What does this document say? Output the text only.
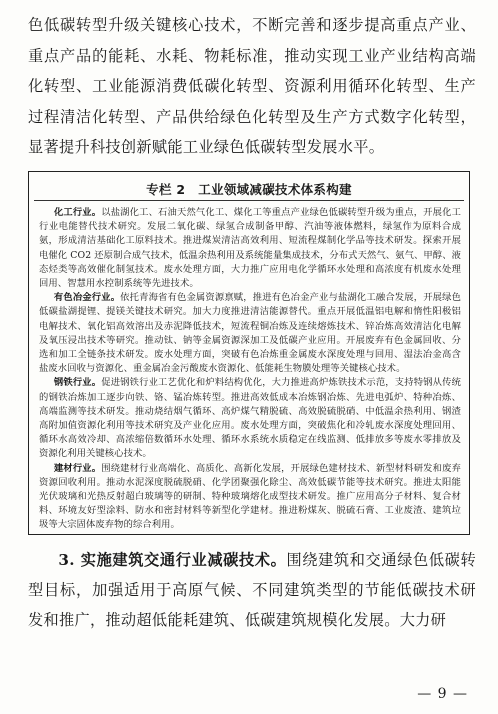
色低碳转型升级关键核心技术，不断完善和逐步提高重点产业、重点产品的能耗、水耗、物耗标准，推动实现工业产业结构高端化转型、工业能源消费低碳化转型、资源利用循环化转型、生产过程清洁化转型、产品供给绿色化转型及生产方式数字化转型，显著提升科技创新赋能工业绿色低碳转型发展水平。

专栏 2　工业领域减碳技术体系构建

化工行业。以盐湖化工、石油天然气化工、煤化工等重点产业绿色低碳转型升级为重点，开展化工行业电能替代技术研究。发展二氧化碳、绿氢合成制备甲醇、汽油等液体燃料，绿氢作为原料合成氨，形成清洁基础化工原料技术。推进煤炭清洁高效利用、短流程煤制化学品等技术研发。探索开展电催化 CO2 还原制合成气技术，低温余热利用及系统能量集成技术，分布式天然气、氨气、甲醇、液态烃类等高效催化制氢技术。废水处理方面，大力推广应用电化学循环水处理和高浓度有机废水处理回用、智慧用水控制系统等先进技术。

有色冶金行业。依托青海省有色金属资源禀赋，推进有色冶金产业与盐湖化工融合发展，开展绿色低碳盐湖提锂、提镁关键技术研究。加大力度推进清洁能源替代。重点开展低温铝电解和惰性阳极铝电解技术、氧化铝高效溶出及赤泥降低技术，短流程铜冶炼及连续熔炼技术、锌冶炼高效清洁化电解及氧压浸出技术等研究。推动钛、钠等金属资源深加工及低碳产业应用。开展废弃有色金属回收、分选和加工全链条技术研发。废水处理方面，突破有色冶炼重金属废水深度处理与回用、湿法冶金高含盐废水回收与资源化、重金属冶金污酸废水资源化、低能耗生物膜处理等关键核心技术。

钢铁行业。促进钢铁行业工艺优化和炉料结构优化，大力推进高炉炼铁技术示范，支持特钢从传统的钢铁冶炼加工逐步向铁、铬、锰冶炼转型。推进高效低成本冶炼钢冶炼、先进电弧炉、特种冶炼、高端监测等技术研发。推动烧结烟气循环、高炉煤气精脱硫、高效脱硫脱硝、中低温余热利用、钢渣高附加值资源化利用等技术研究及产业化应用。废水处理方面，突破焦化和冷轧废水深度处理回用、循环水高效冷却、高浓缩倍数循环水处理、循环水系统水质稳定在线监测、低排放多等废水零排放及资源化利用关键核心技术。

建材行业。围绕建材行业高端化、高质化、高新化发展，开展绿色建材技术、新型材料研发和废弃资源回收利用。推动水泥深度脱硫脱硝、化学团聚强化除尘、高效低碳节能等技术研究。推进太阳能光伏玻璃和光热反射超白玻璃等的研制、特种玻璃熔化成型技术研发。推广应用高分子材料、复合材料、环境友好型涂料、防水和密封材料等新型化学建材。推进粉煤灰、脱硫石膏、工业废渣、建筑垃圾等大宗固体废弃物的综合利用。

3. 实施建筑交通行业减碳技术。围绕建筑和交通绿色低碳转型目标，加强适用于高原气候、不同建筑类型的节能低碳技术研发和推广，推动超低能耗建筑、低碳建筑规模化发展。大力研

— 9 —
